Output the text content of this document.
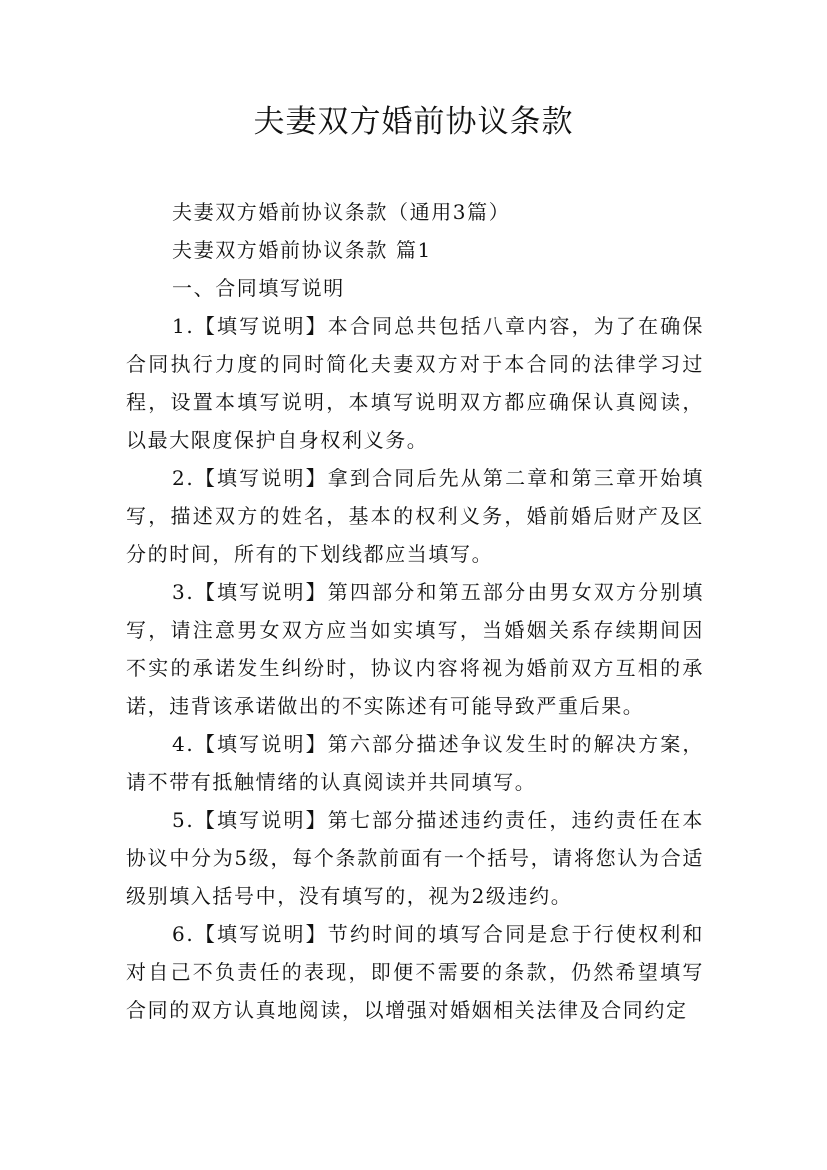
夫妻双方婚前协议条款

夫妻双方婚前协议条款（通用3篇）

夫妻双方婚前协议条款 篇1

一、合同填写说明

1.【填写说明】本合同总共包括八章内容，为了在确保合同执行力度的同时简化夫妻双方对于本合同的法律学习过程，设置本填写说明，本填写说明双方都应确保认真阅读，以最大限度保护自身权利义务。

2.【填写说明】拿到合同后先从第二章和第三章开始填写，描述双方的姓名，基本的权利义务，婚前婚后财产及区分的时间，所有的下划线都应当填写。

3.【填写说明】第四部分和第五部分由男女双方分别填写，请注意男女双方应当如实填写，当婚姻关系存续期间因不实的承诺发生纠纷时，协议内容将视为婚前双方互相的承诺，违背该承诺做出的不实陈述有可能导致严重后果。

4.【填写说明】第六部分描述争议发生时的解决方案，请不带有抵触情绪的认真阅读并共同填写。

5.【填写说明】第七部分描述违约责任，违约责任在本协议中分为5级，每个条款前面有一个括号，请将您认为合适级别填入括号中，没有填写的，视为2级违约。

6.【填写说明】节约时间的填写合同是怠于行使权利和对自己不负责任的表现，即便不需要的条款，仍然希望填写合同的双方认真地阅读，以增强对婚姻相关法律及合同约定
